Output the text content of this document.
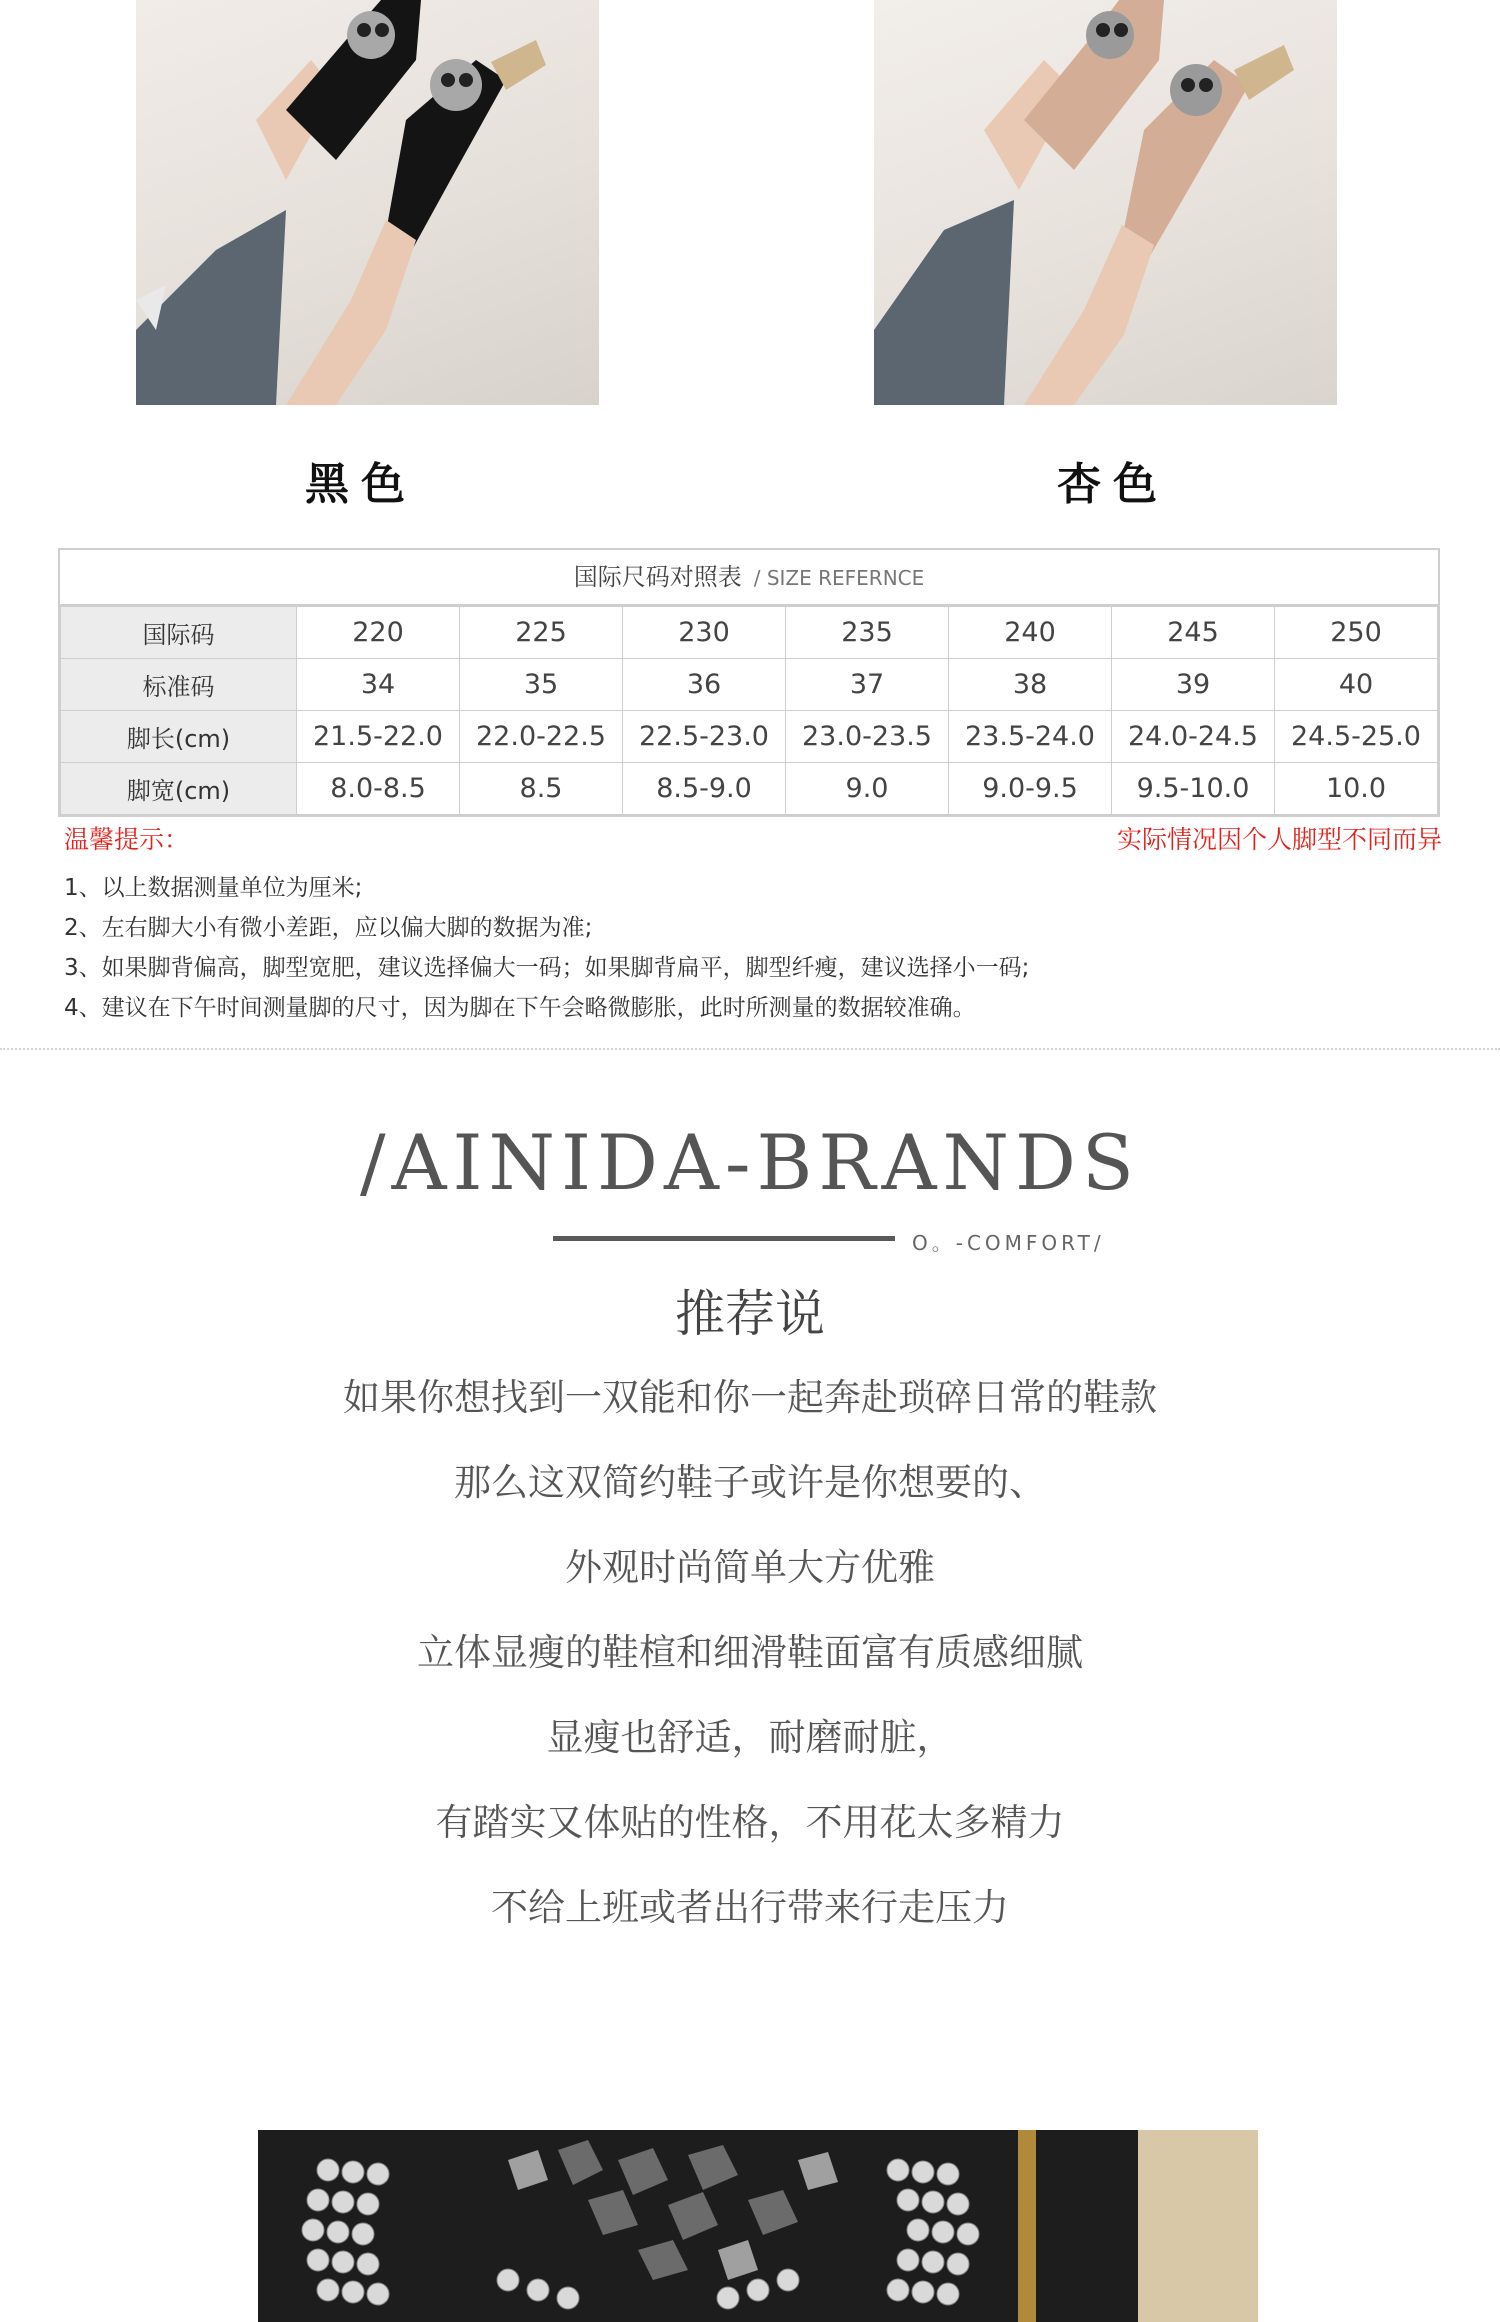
黑色	杏色
国际尺码对照表 / SIZE REFERNCE
国际码	220	225	230	235	240	245	250
标准码	34	35	36	37	38	39	40
脚长(cm)	21.5-22.0	22.0-22.5	22.5-23.0	23.0-23.5	23.5-24.0	24.0-24.5	24.5-25.0
脚宽(cm)	8.0-8.5	8.5	8.5-9.0	9.0	9.0-9.5	9.5-10.0	10.0
温馨提示：	实际情况因个人脚型不同而异
1、以上数据测量单位为厘米;
2、左右脚大小有微小差距，应以偏大脚的数据为准;
3、如果脚背偏高，脚型宽肥，建议选择偏大一码；如果脚背扁平，脚型纤瘦，建议选择小一码;
4、建议在下午时间测量脚的尺寸，因为脚在下午会略微膨胀，此时所测量的数据较准确。
/AINIDA-BRANDS
O。-COMFORT/
推荐说
如果你想找到一双能和你一起奔赴琐碎日常的鞋款
那么这双简约鞋子或许是你想要的、
外观时尚简单大方优雅
立体显瘦的鞋楦和细滑鞋面富有质感细腻
显瘦也舒适，耐磨耐脏，
有踏实又体贴的性格，不用花太多精力
不给上班或者出行带来行走压力
